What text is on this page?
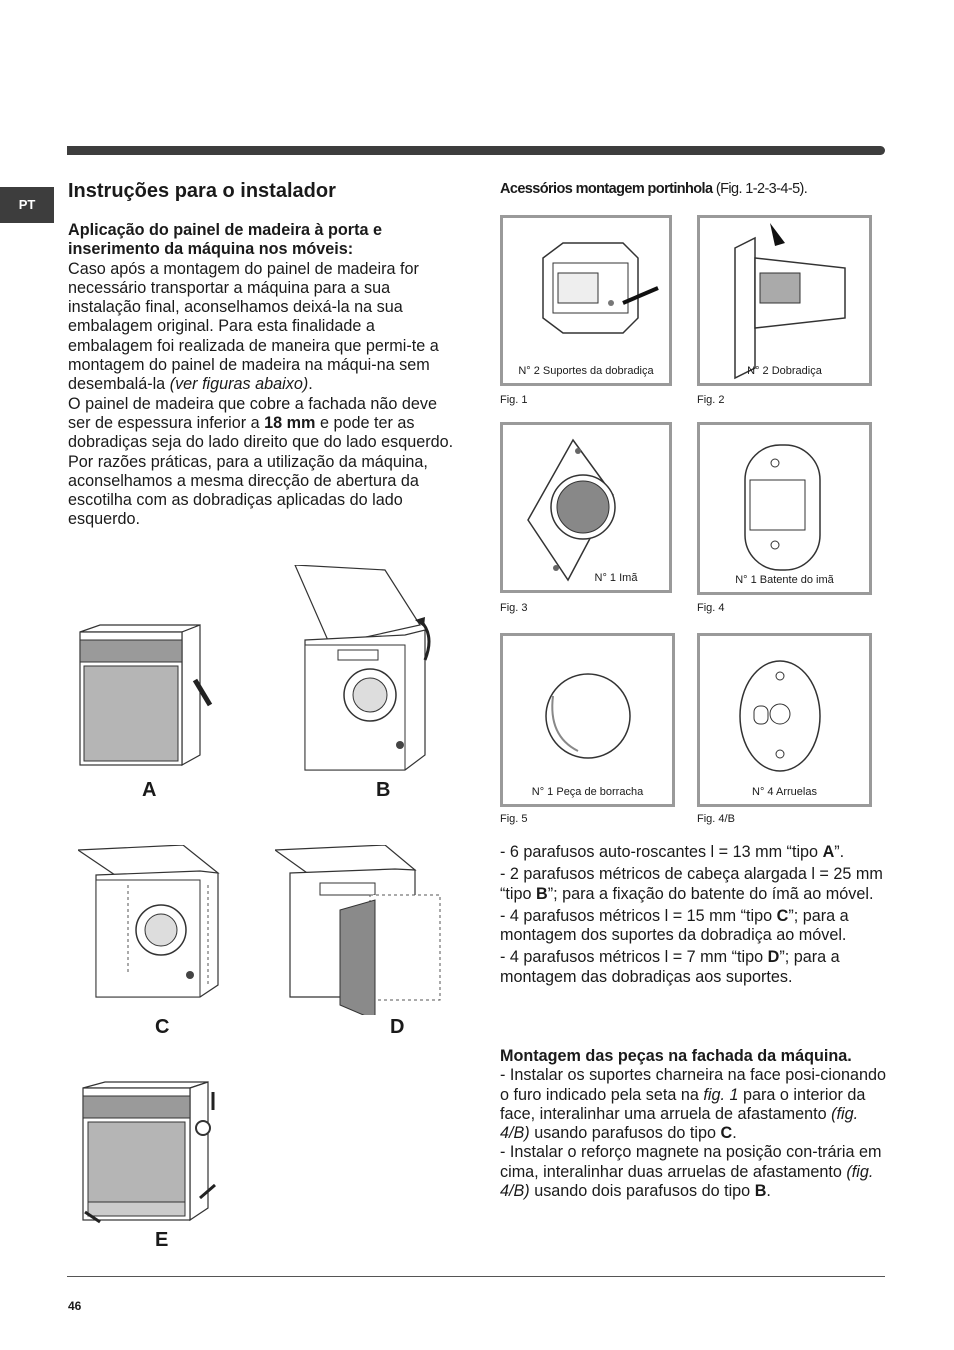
PT
Instruções para o instalador

Aplicação do painel de madeira à porta e inserimento da máquina nos móveis:

Caso após a montagem do painel de madeira for necessário transportar a máquina para a sua instalação final, aconselhamos deixá-la na sua embalagem original. Para esta finalidade a embalagem foi realizada de maneira que permi-te a montagem do painel de madeira na máqui-na sem desembalá-la (ver figuras abaixo).

O painel de madeira que cobre a fachada não deve ser de espessura inferior a 18 mm e pode ter as dobradiças seja do lado direito que do lado esquerdo. Por razões práticas, para a utilização da máquina, aconselhamos a mesma direcção de abertura da escotilha com as dobradiças aplicadas do lado esquerdo.

A	B
C	D
E
Acessórios montagem portinhola (Fig. 1-2-3-4-5).
N° 2 Suportes da dobradiça
Fig. 1
N° 2 Dobradiça
Fig. 2
N° 1 Imã
Fig. 3
N° 1 Batente do imã
Fig. 4
N° 1 Peça de borracha
Fig. 5
N° 4 Arruelas
Fig. 4/B

- 6 parafusos auto-roscantes l = 13 mm “tipo A”.

- 2 parafusos métricos de cabeça alargada l = 25 mm “tipo B”; para a fixação do batente do ímã ao móvel.

- 4 parafusos métricos l = 15 mm “tipo C”; para a montagem dos suportes da dobradiça ao móvel.

- 4 parafusos métricos l = 7 mm “tipo D”; para a montagem das dobradiças aos suportes.

Montagem das peças na fachada da máquina.

- Instalar os suportes charneira na face posi-cionando o furo indicado pela seta na fig. 1 para o interior da face, interalinhar uma arruela de afastamento (fig. 4/B) usando parafusos do tipo C.

- Instalar o reforço magnete na posição con-trária em cima, interalinhar duas arruelas de afastamento (fig. 4/B) usando dois parafusos do tipo B.

46
